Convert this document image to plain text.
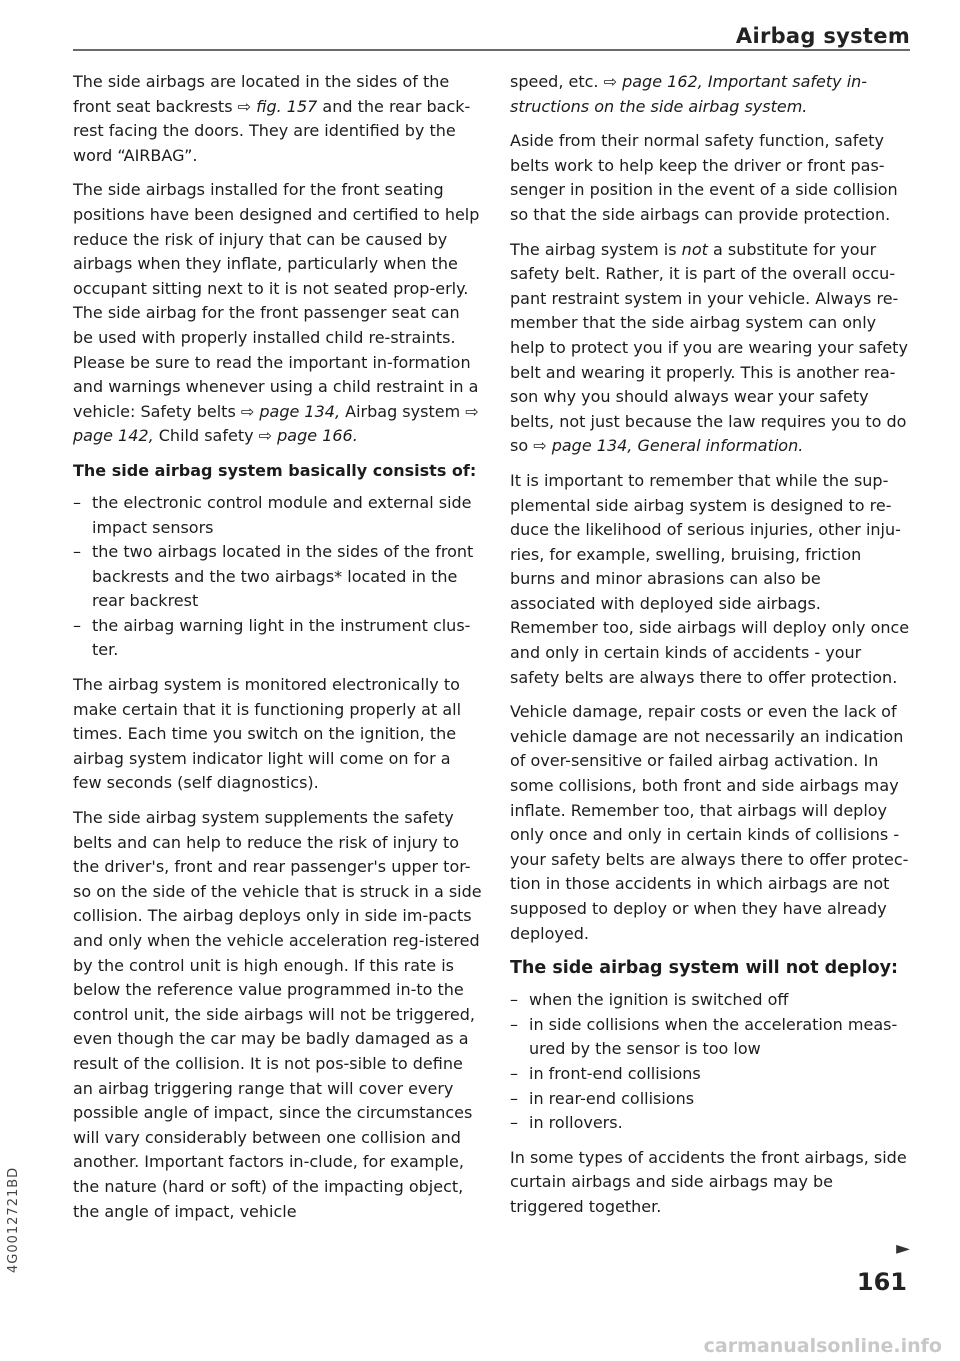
Airbag system

The side airbags are located in the sides of the front seat backrests ⇨ fig. 157 and the rear back-rest facing the doors. They are identified by the word “AIRBAG”.

The side airbags installed for the front seating positions have been designed and certified to help reduce the risk of injury that can be caused by airbags when they inflate, particularly when the occupant sitting next to it is not seated prop-erly. The side airbag for the front passenger seat can be used with properly installed child re-straints. Please be sure to read the important in-formation and warnings whenever using a child restraint in a vehicle: Safety belts ⇨ page 134, Airbag system ⇨ page 142, Child safety ⇨ page 166.

The side airbag system basically consists of:
– the electronic control module and external side impact sensors
– the two airbags located in the sides of the front backrests and the two airbags* located in the rear backrest
– the airbag warning light in the instrument clus-ter.

The airbag system is monitored electronically to make certain that it is functioning properly at all times. Each time you switch on the ignition, the airbag system indicator light will come on for a few seconds (self diagnostics).

The side airbag system supplements the safety belts and can help to reduce the risk of injury to the driver's, front and rear passenger's upper tor-so on the side of the vehicle that is struck in a side collision. The airbag deploys only in side im-pacts and only when the vehicle acceleration reg-istered by the control unit is high enough. If this rate is below the reference value programmed in-to the control unit, the side airbags will not be triggered, even though the car may be badly damaged as a result of the collision. It is not pos-sible to define an airbag triggering range that will cover every possible angle of impact, since the circumstances will vary considerably between one collision and another. Important factors in-clude, for example, the nature (hard or soft) of the impacting object, the angle of impact, vehicle

speed, etc. ⇨ page 162, Important safety in-structions on the side airbag system.

Aside from their normal safety function, safety belts work to help keep the driver or front pas-senger in position in the event of a side collision so that the side airbags can provide protection.

The airbag system is not a substitute for your safety belt. Rather, it is part of the overall occu-pant restraint system in your vehicle. Always re-member that the side airbag system can only help to protect you if you are wearing your safety belt and wearing it properly. This is another rea-son why you should always wear your safety belts, not just because the law requires you to do so ⇨ page 134, General information.

It is important to remember that while the sup-plemental side airbag system is designed to re-duce the likelihood of serious injuries, other inju-ries, for example, swelling, bruising, friction burns and minor abrasions can also be associated with deployed side airbags. Remember too, side airbags will deploy only once and only in certain kinds of accidents - your safety belts are always there to offer protection.

Vehicle damage, repair costs or even the lack of vehicle damage are not necessarily an indication of over-sensitive or failed airbag activation. In some collisions, both front and side airbags may inflate. Remember too, that airbags will deploy only once and only in certain kinds of collisions - your safety belts are always there to offer protec-tion in those accidents in which airbags are not supposed to deploy or when they have already deployed.

The side airbag system will not deploy:
– when the ignition is switched off
– in side collisions when the acceleration meas-ured by the sensor is too low
– in front-end collisions
– in rear-end collisions
– in rollovers.

In some types of accidents the front airbags, side curtain airbags and side airbags may be triggered together.

►
161
4G0012721BD
carmanualsonline.info
